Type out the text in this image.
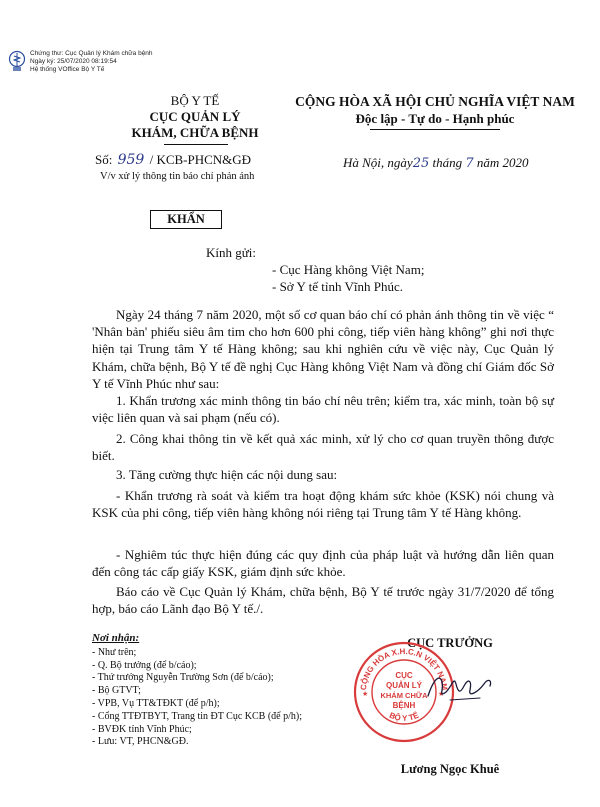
Chứng thư: Cục Quản lý Khám chữa bệnh
Ngày ký: 25/07/2020 08:19:54
Hệ thống VOffice Bộ Y Tế
BỘ Y TẾ
CỤC QUẢN LÝ
KHÁM, CHỮA BỆNH
CỘNG HÒA XÃ HỘI CHỦ NGHĨA VIỆT NAM
Độc lập - Tự do - Hạnh phúc
Số: 959 / KCB-PHCN&GĐ
V/v xử lý thông tin báo chí phản ánh
Hà Nội, ngày25 tháng 7 năm 2020
KHẨN
Kính gửi:
- Cục Hàng không Việt Nam;
- Sở Y tế tỉnh Vĩnh Phúc.

Ngày 24 tháng 7 năm 2020, một số cơ quan báo chí có phản ánh thông tin về việc “ 'Nhân bản' phiếu siêu âm tim cho hơn 600 phi công, tiếp viên hàng không” ghi nơi thực hiện tại Trung tâm Y tế Hàng không; sau khi nghiên cứu về việc này, Cục Quản lý Khám, chữa bệnh, Bộ Y tế đề nghị Cục Hàng không Việt Nam và đồng chí Giám đốc Sở Y tế Vĩnh Phúc như sau:

1. Khẩn trương xác minh thông tin báo chí nêu trên; kiểm tra, xác minh, toàn bộ sự việc liên quan và sai phạm (nếu có).

2. Công khai thông tin về kết quả xác minh, xử lý cho cơ quan truyền thông được biết.

3. Tăng cường thực hiện các nội dung sau:

- Khẩn trương rà soát và kiểm tra hoạt động khám sức khỏe (KSK) nói chung và KSK của phi công, tiếp viên hàng không nói riêng tại Trung tâm Y tế Hàng không.

- Nghiêm túc thực hiện đúng các quy định của pháp luật và hướng dẫn liên quan đến công tác cấp giấy KSK, giám định sức khỏe.

Báo cáo về Cục Quản lý Khám, chữa bệnh, Bộ Y tế trước ngày 31/7/2020 để tổng hợp, báo cáo Lãnh đạo Bộ Y tế./.

Nơi nhận:
- Như trên;
- Q. Bộ trưởng (để b/cáo);
- Thứ trưởng Nguyễn Trường Sơn (để b/cáo);
- Bộ GTVT;
- VPB, Vụ TT&TĐKT (để p/h);
- Cổng TTĐTBYT, Trang tin ĐT Cục KCB (để p/h);
- BVĐK tỉnh Vĩnh Phúc;
- Lưu: VT, PHCN&GĐ.
CỤC TRƯỞNG
CỘNG HÒA X.H.C.N VIỆT NAM
BỘ Y TẾ
CỤC
QUẢN LÝ
KHÁM CHỮA
BỆNH
★	★
Lương Ngọc Khuê
